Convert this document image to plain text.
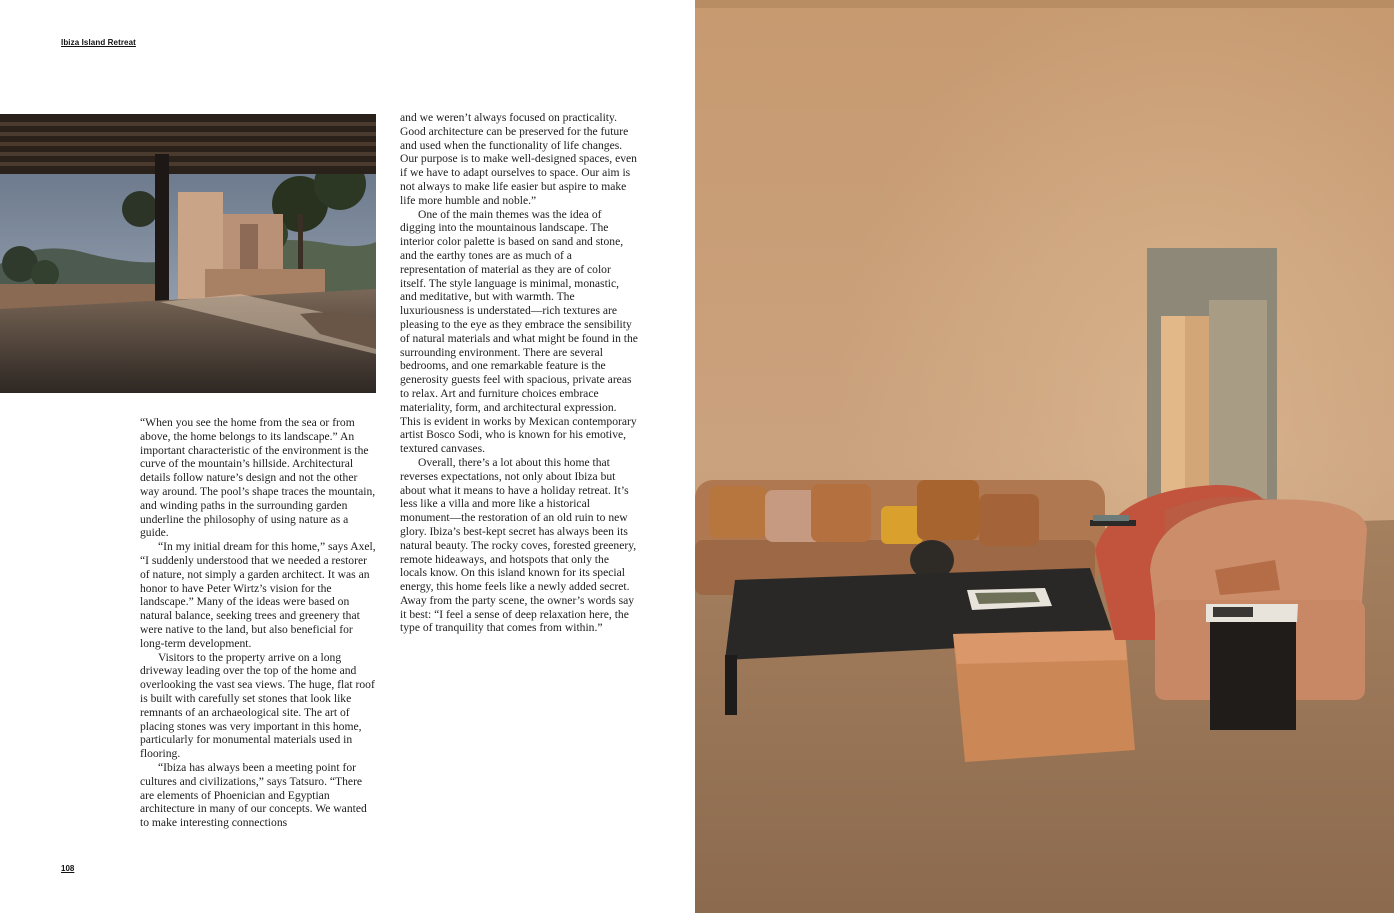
Ibiza Island Retreat

“When you see the home from the sea or from above, the home belongs to its landscape.” An important characteristic of the environment is the curve of the mountain’s hillside. Architectural details follow nature’s design and not the other way around. The pool’s shape traces the mountain, and winding paths in the surrounding garden underline the philosophy of using nature as a guide.

“In my initial dream for this home,” says Axel, “I suddenly understood that we needed a restorer of nature, not simply a garden architect. It was an honor to have Peter Wirtz’s vision for the landscape.” Many of the ideas were based on natural balance, seeking trees and greenery that were native to the land, but also beneficial for long-term development.

Visitors to the property arrive on a long driveway leading over the top of the home and overlooking the vast sea views. The huge, flat roof is built with carefully set stones that look like remnants of an archaeological site. The art of placing stones was very important in this home, particularly for monumental materials used in flooring.

“Ibiza has always been a meeting point for cultures and civilizations,” says Tatsuro. “There are elements of Phoenician and Egyptian architecture in many of our concepts. We wanted to make interesting connections

and we weren’t always focused on practicality. Good architecture can be preserved for the future and used when the functionality of life changes. Our purpose is to make well-designed spaces, even if we have to adapt ourselves to space. Our aim is not always to make life easier but aspire to make life more humble and noble.”

One of the main themes was the idea of digging into the mountainous landscape. The interior color palette is based on sand and stone, and the earthy tones are as much of a representation of material as they are of color itself. The style language is minimal, monastic, and meditative, but with warmth. The luxuriousness is understated—rich textures are pleasing to the eye as they embrace the sensibility of natural materials and what might be found in the surrounding environment. There are several bedrooms, and one remarkable feature is the generosity guests feel with spacious, private areas to relax. Art and furniture choices embrace materiality, form, and architectural expression. This is evident in works by Mexican contemporary artist Bosco Sodi, who is known for his emotive, textured canvases.

Overall, there’s a lot about this home that reverses expectations, not only about Ibiza but about what it means to have a holiday retreat. It’s less like a villa and more like a historical monument—the restoration of an old ruin to new glory. Ibiza’s best-kept secret has always been its natural beauty. The rocky coves, forested greenery, remote hideaways, and hotspots that only the locals know. On this island known for its special energy, this home feels like a newly added secret. Away from the party scene, the owner’s words say it best: “I feel a sense of deep relaxation here, the type of tranquility that comes from within.”

108
